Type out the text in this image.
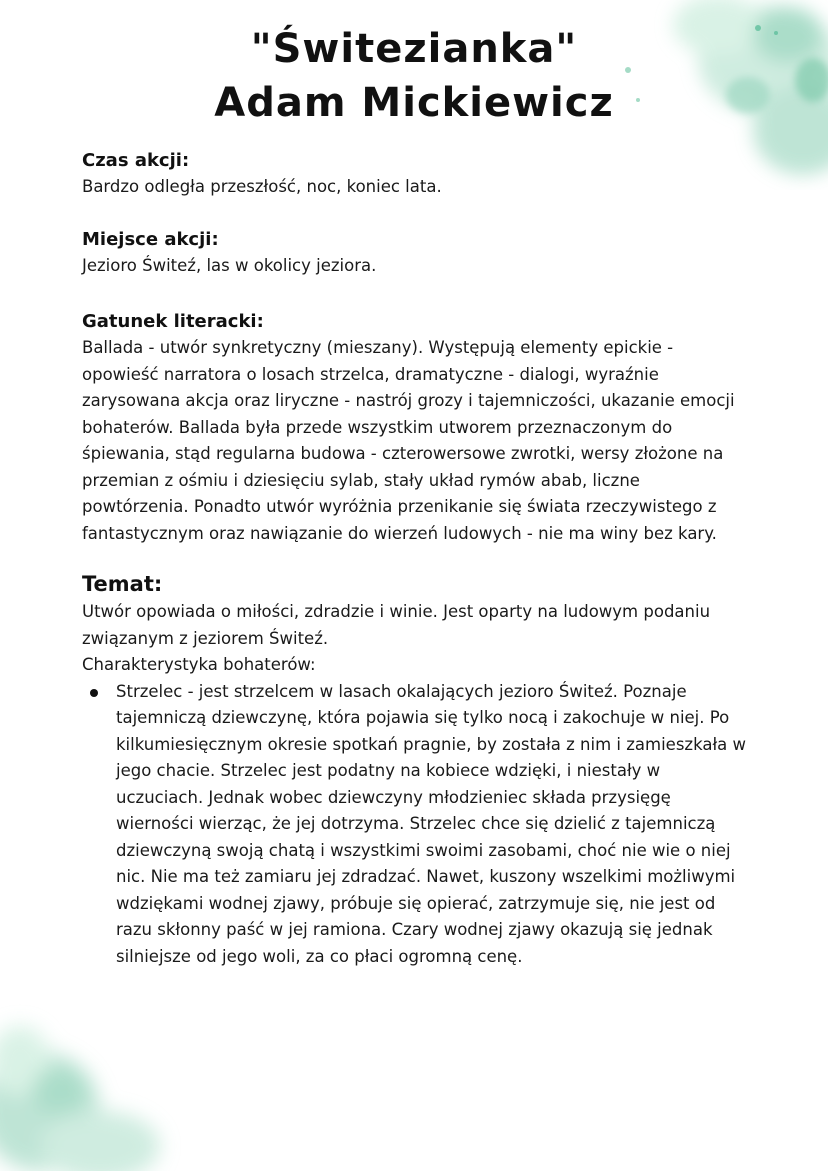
"Świtezianka"
Adam Mickiewicz

Czas akcji:

Bardzo odległa przeszłość, noc, koniec lata.

Miejsce akcji:

Jezioro Świteź, las w okolicy jeziora.

Gatunek literacki:

Ballada - utwór synkretyczny (mieszany). Występują elementy epickie - opowieść narratora o losach strzelca, dramatyczne - dialogi, wyraźnie zarysowana akcja oraz liryczne - nastrój grozy i tajemniczości, ukazanie emocji bohaterów. Ballada była przede wszystkim utworem przeznaczonym do śpiewania, stąd regularna budowa - czterowersowe zwrotki, wersy złożone na przemian z ośmiu i dziesięciu sylab, stały układ rymów abab, liczne powtórzenia. Ponadto utwór wyróżnia przenikanie się świata rzeczywistego z fantastycznym oraz nawiązanie do wierzeń ludowych - nie ma winy bez kary.

Temat:

Utwór opowiada o miłości, zdradzie i winie. Jest oparty na ludowym podaniu związanym z jeziorem Świteź.

Charakterystyka bohaterów:

Strzelec - jest strzelcem w lasach okalających jezioro Świteź. Poznaje tajemniczą dziewczynę, która pojawia się tylko nocą i zakochuje w niej. Po kilkumiesięcznym okresie spotkań pragnie, by została z nim i zamieszkała w jego chacie. Strzelec jest podatny na kobiece wdzięki, i niestały w uczuciach. Jednak wobec dziewczyny młodzieniec składa przysięgę wierności wierząc, że jej dotrzyma. Strzelec chce się dzielić z tajemniczą dziewczyną swoją chatą i wszystkimi swoimi zasobami, choć nie wie o niej nic. Nie ma też zamiaru jej zdradzać. Nawet, kuszony wszelkimi możliwymi wdziękami wodnej zjawy, próbuje się opierać, zatrzymuje się, nie jest od razu skłonny paść w jej ramiona. Czary wodnej zjawy okazują się jednak silniejsze od jego woli, za co płaci ogromną cenę.
